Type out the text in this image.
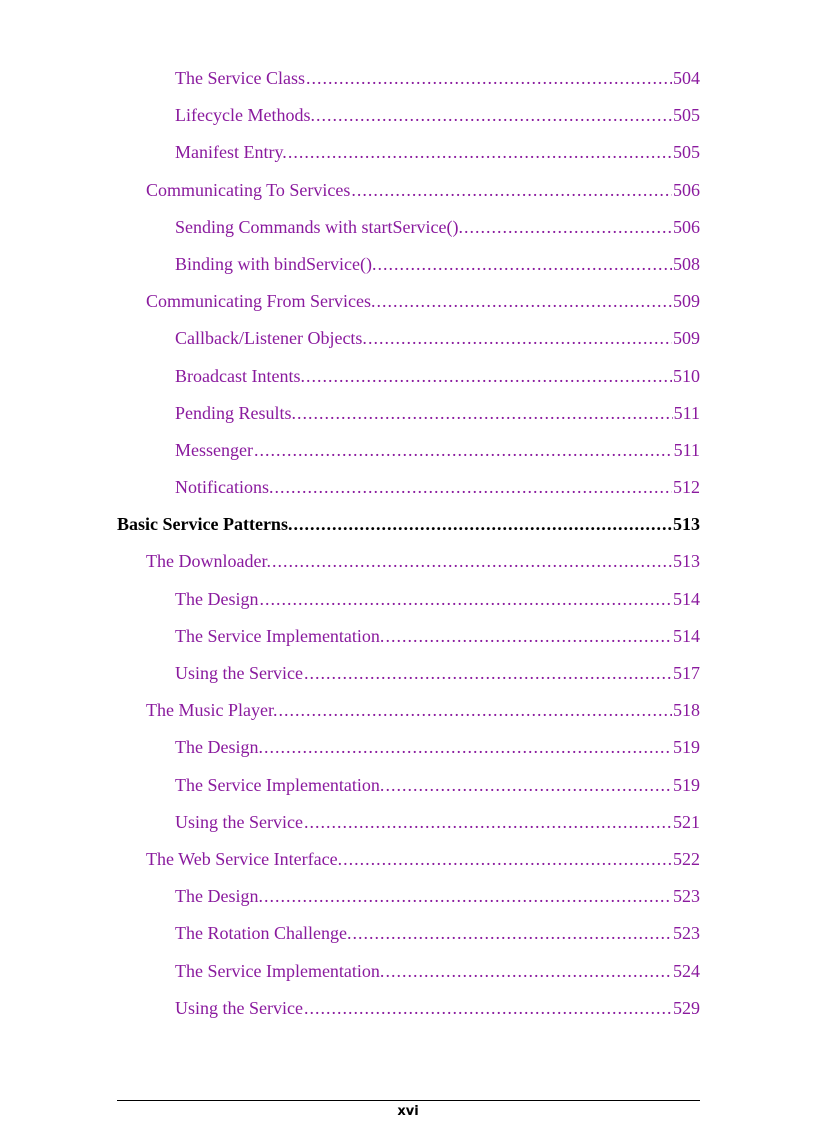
The Service Class .....	504
Lifecycle Methods. .....	505
Manifest Entry. .....	505
Communicating To Services .....	506
Sending Commands with startService(). .....	506
Binding with bindService(). .....	508
Communicating From Services. .....	509
Callback/Listener Objects. .....	509
Broadcast Intents. .....	510
Pending Results. .....	511
Messenger .....	511
Notifications. .....	512
Basic Service Patterns. .....	513
The Downloader. .....	513
The Design .....	514
The Service Implementation. .....	514
Using the Service .....	517
The Music Player. .....	518
The Design. .....	519
The Service Implementation. .....	519
Using the Service .....	521
The Web Service Interface. .....	522
The Design. .....	523
The Rotation Challenge. .....	523
The Service Implementation. .....	524
Using the Service .....	529
xvi
